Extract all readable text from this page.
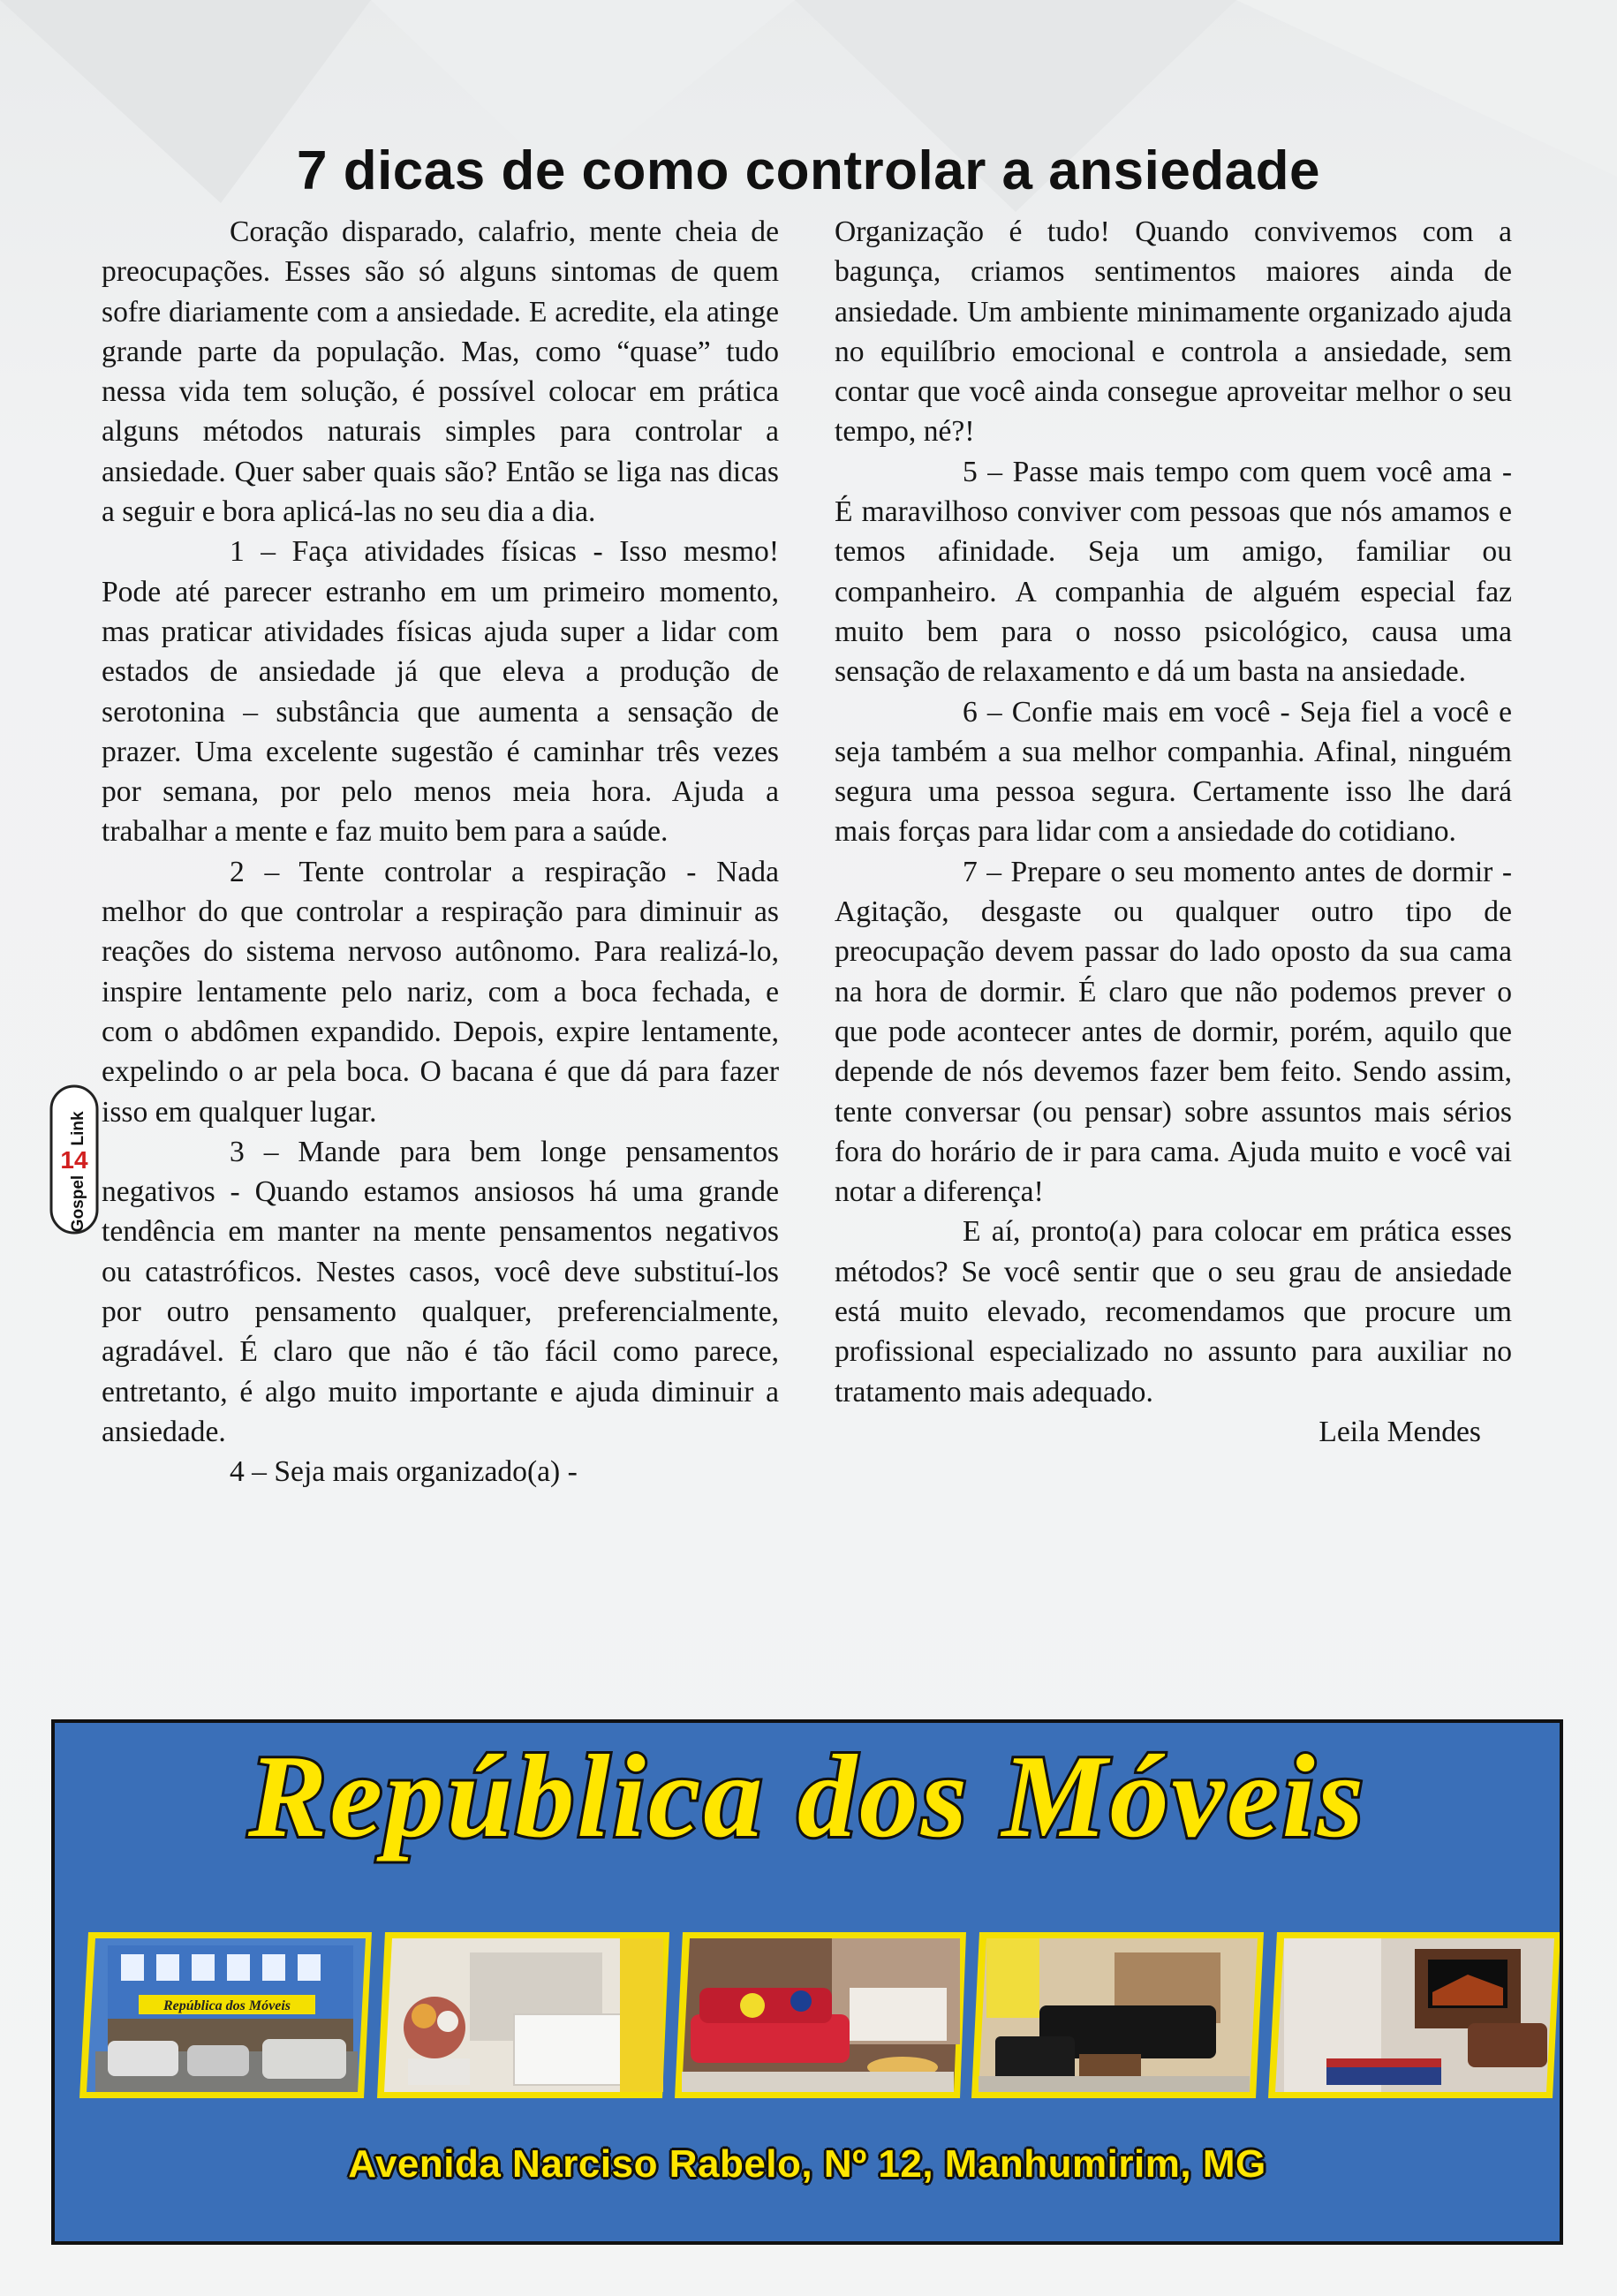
7 dicas de como controlar a ansiedade

Coração disparado, calafrio, mente cheia de preocupações. Esses são só alguns sintomas de quem sofre diariamente com a ansiedade. E acredite, ela atinge grande parte da população. Mas, como “quase” tudo nessa vida tem solução, é possível colocar em prática alguns métodos naturais simples para controlar a ansiedade. Quer saber quais são? Então se liga nas dicas a seguir e bora aplicá-las no seu dia a dia.

1 – Faça atividades físicas - Isso mesmo! Pode até parecer estranho em um primeiro momento, mas praticar atividades físicas ajuda super a lidar com estados de ansiedade já que eleva a produção de serotonina – substância que aumenta a sensação de prazer. Uma excelente sugestão é caminhar três vezes por semana, por pelo menos meia hora. Ajuda a trabalhar a mente e faz muito bem para a saúde.

2 – Tente controlar a respiração - Nada melhor do que controlar a respiração para diminuir as reações do sistema nervoso autônomo. Para realizá-lo, inspire lentamente pelo nariz, com a boca fechada, e com o abdômen expandido. Depois, expire lentamente, expelindo o ar pela boca. O bacana é que dá para fazer isso em qualquer lugar.

3 – Mande para bem longe pensamentos negativos - Quando estamos ansiosos há uma grande tendência em manter na mente pensamentos negativos ou catastróficos. Nestes casos, você deve substituí-los por outro pensamento qualquer, preferencialmente, agradável. É claro que não é tão fácil como parece, entretanto, é algo muito importante e ajuda diminuir a ansiedade.

4 – Seja mais organizado(a) -

Organização é tudo! Quando convivemos com a bagunça, criamos sentimentos maiores ainda de ansiedade. Um ambiente minimamente organizado ajuda no equilíbrio emocional e controla a ansiedade, sem contar que você ainda consegue aproveitar melhor o seu tempo, né?!

5 – Passe mais tempo com quem você ama - É maravilhoso conviver com pessoas que nós amamos e temos afinidade. Seja um amigo, familiar ou companheiro. A companhia de alguém especial faz muito bem para o nosso psicológico, causa uma sensação de relaxamento e dá um basta na ansiedade.

6 – Confie mais em você - Seja fiel a você e seja também a sua melhor companhia. Afinal, ninguém segura uma pessoa segura. Certamente isso lhe dará mais forças para lidar com a ansiedade do cotidiano.

7 – Prepare o seu momento antes de dormir - Agitação, desgaste ou qualquer outro tipo de preocupação devem passar do lado oposto da sua cama na hora de dormir. É claro que não podemos prever o que pode acontecer antes de dormir, porém, aquilo que depende de nós devemos fazer bem feito. Sendo assim, tente conversar (ou pensar) sobre assuntos mais sérios fora do horário de ir para cama. Ajuda muito e você vai notar a diferença!

E aí, pronto(a) para colocar em prática esses métodos? Se você sentir que o seu grau de ansiedade está muito elevado, recomendamos que procure um profissional especializado no assunto para auxiliar no tratamento mais adequado.

Leila Mendes

Link
14
Gospel
República dos Móveis
República dos Móveis
Avenida Narciso Rabelo, Nº 12, Manhumirim, MG
